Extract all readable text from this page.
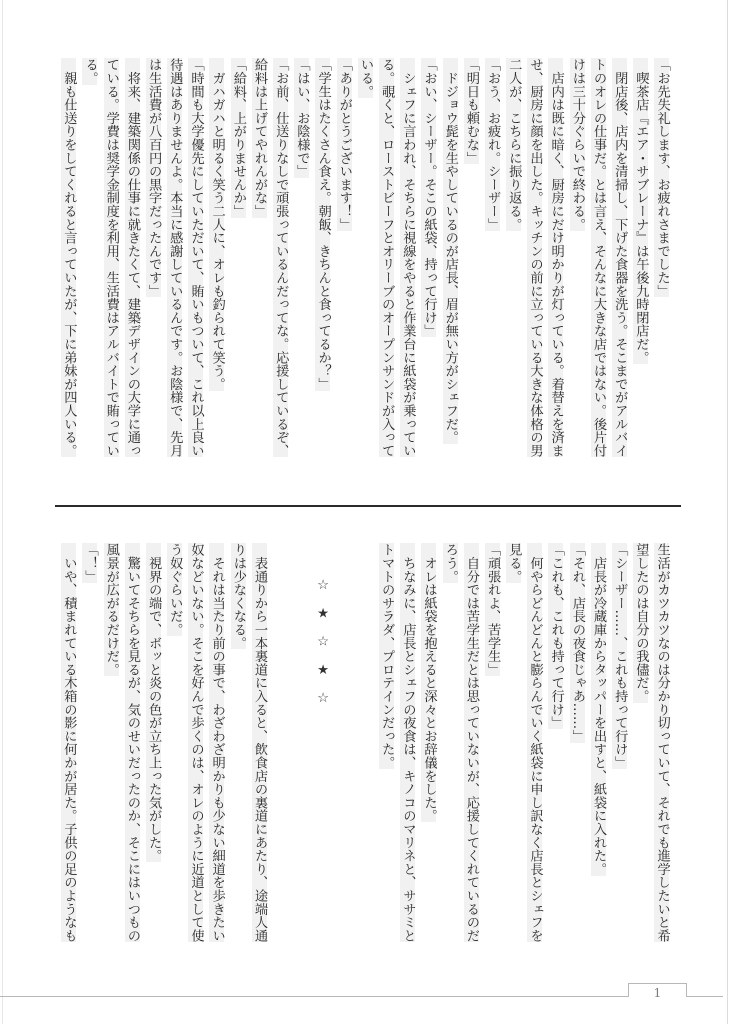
「お先失礼します、お疲れさまでした」
　喫茶店『エア・サブレーナ』は午後九時閉店だ。
　閉店後、店内を清掃し、下げた食器を洗う。そこまでがアルバイ
トのオレの仕事だ。とは言え、そんなに大きな店ではない。後片付
けは三十分ぐらいで終わる。
　店内は既に暗く、厨房にだけ明かりが灯っている。着替えを済ま
せ、厨房に顔を出した。キッチンの前に立っている大きな体格の男
二人が、こちらに振り返る。
「おう、お疲れ。シーザー」
「明日も頼むな」
　ドジョウ髭を生やしているのが店長、眉が無い方がシェフだ。
「おい、シーザー。そこの紙袋、持って行け」
　シェフに言われ、そちらに視線をやると作業台に紙袋が乗ってい
る。覗くと、ローストビーフとオリーブのオープンサンドが入って
いる。
「ありがとうございます！」
「学生はたくさん食え。朝飯、きちんと食ってるか？」
「はい、お陰様で」
「お前、仕送りなしで頑張っているんだってな。応援しているぞ、
給料は上げてやれんがな」
「給料、上がりませんか」
　ガハガハと明るく笑う二人に、オレも釣られて笑う。
「時間も大学優先にしていただいて、賄いもついて、これ以上良い
待遇はありませんよ。本当に感謝しているんです。お陰様で、先月
は生活費が八百円の黒字だったんです」
　将来、建築関係の仕事に就きたくて、建築デザインの大学に通っ
ている。学費は奨学金制度を利用、生活費はアルバイトで賄ってい
る。
　親も仕送りをしてくれると言っていたが、下に弟妹が四人いる。
生活がカツカツなのは分かり切っていて、それでも進学したいと希
望したのは自分の我儘だ。
「シーザー……、これも持って行け」
　店長が冷蔵庫からタッパーを出すと、紙袋に入れた。
「それ、店長の夜食じゃあ……」
「これも、これも持って行け」
　何やらどんどんと膨らんでいく紙袋に申し訳なく店長とシェフを
見る。
「頑張れよ、苦学生」
　自分では苦学生だとは思っていないが、応援してくれているのだ
ろう。
　オレは紙袋を抱えると深々とお辞儀をした。
　ちなみに、店長とシェフの夜食は、キノコのマリネと、ササミと
トマトのサラダ、プロテインだった。
☆　★　☆　★　☆
　表通りから一本裏道に入ると、飲食店の裏道にあたり、途端人通
りは少なくなる。
　それは当たり前の事で、わざわざ明かりも少ない細道を歩きたい
奴などいない。そこを好んで歩くのは、オレのように近道として使
う奴ぐらいだ。
　視界の端で、ボッと炎の色が立ち上った気がした。
　驚いてそちらを見るが、気のせいだったのか、そこにはいつもの
風景が広がるだけだ。
「！」
　いや、積まれている木箱の影に何かが居た。子供の足のようなも
1
